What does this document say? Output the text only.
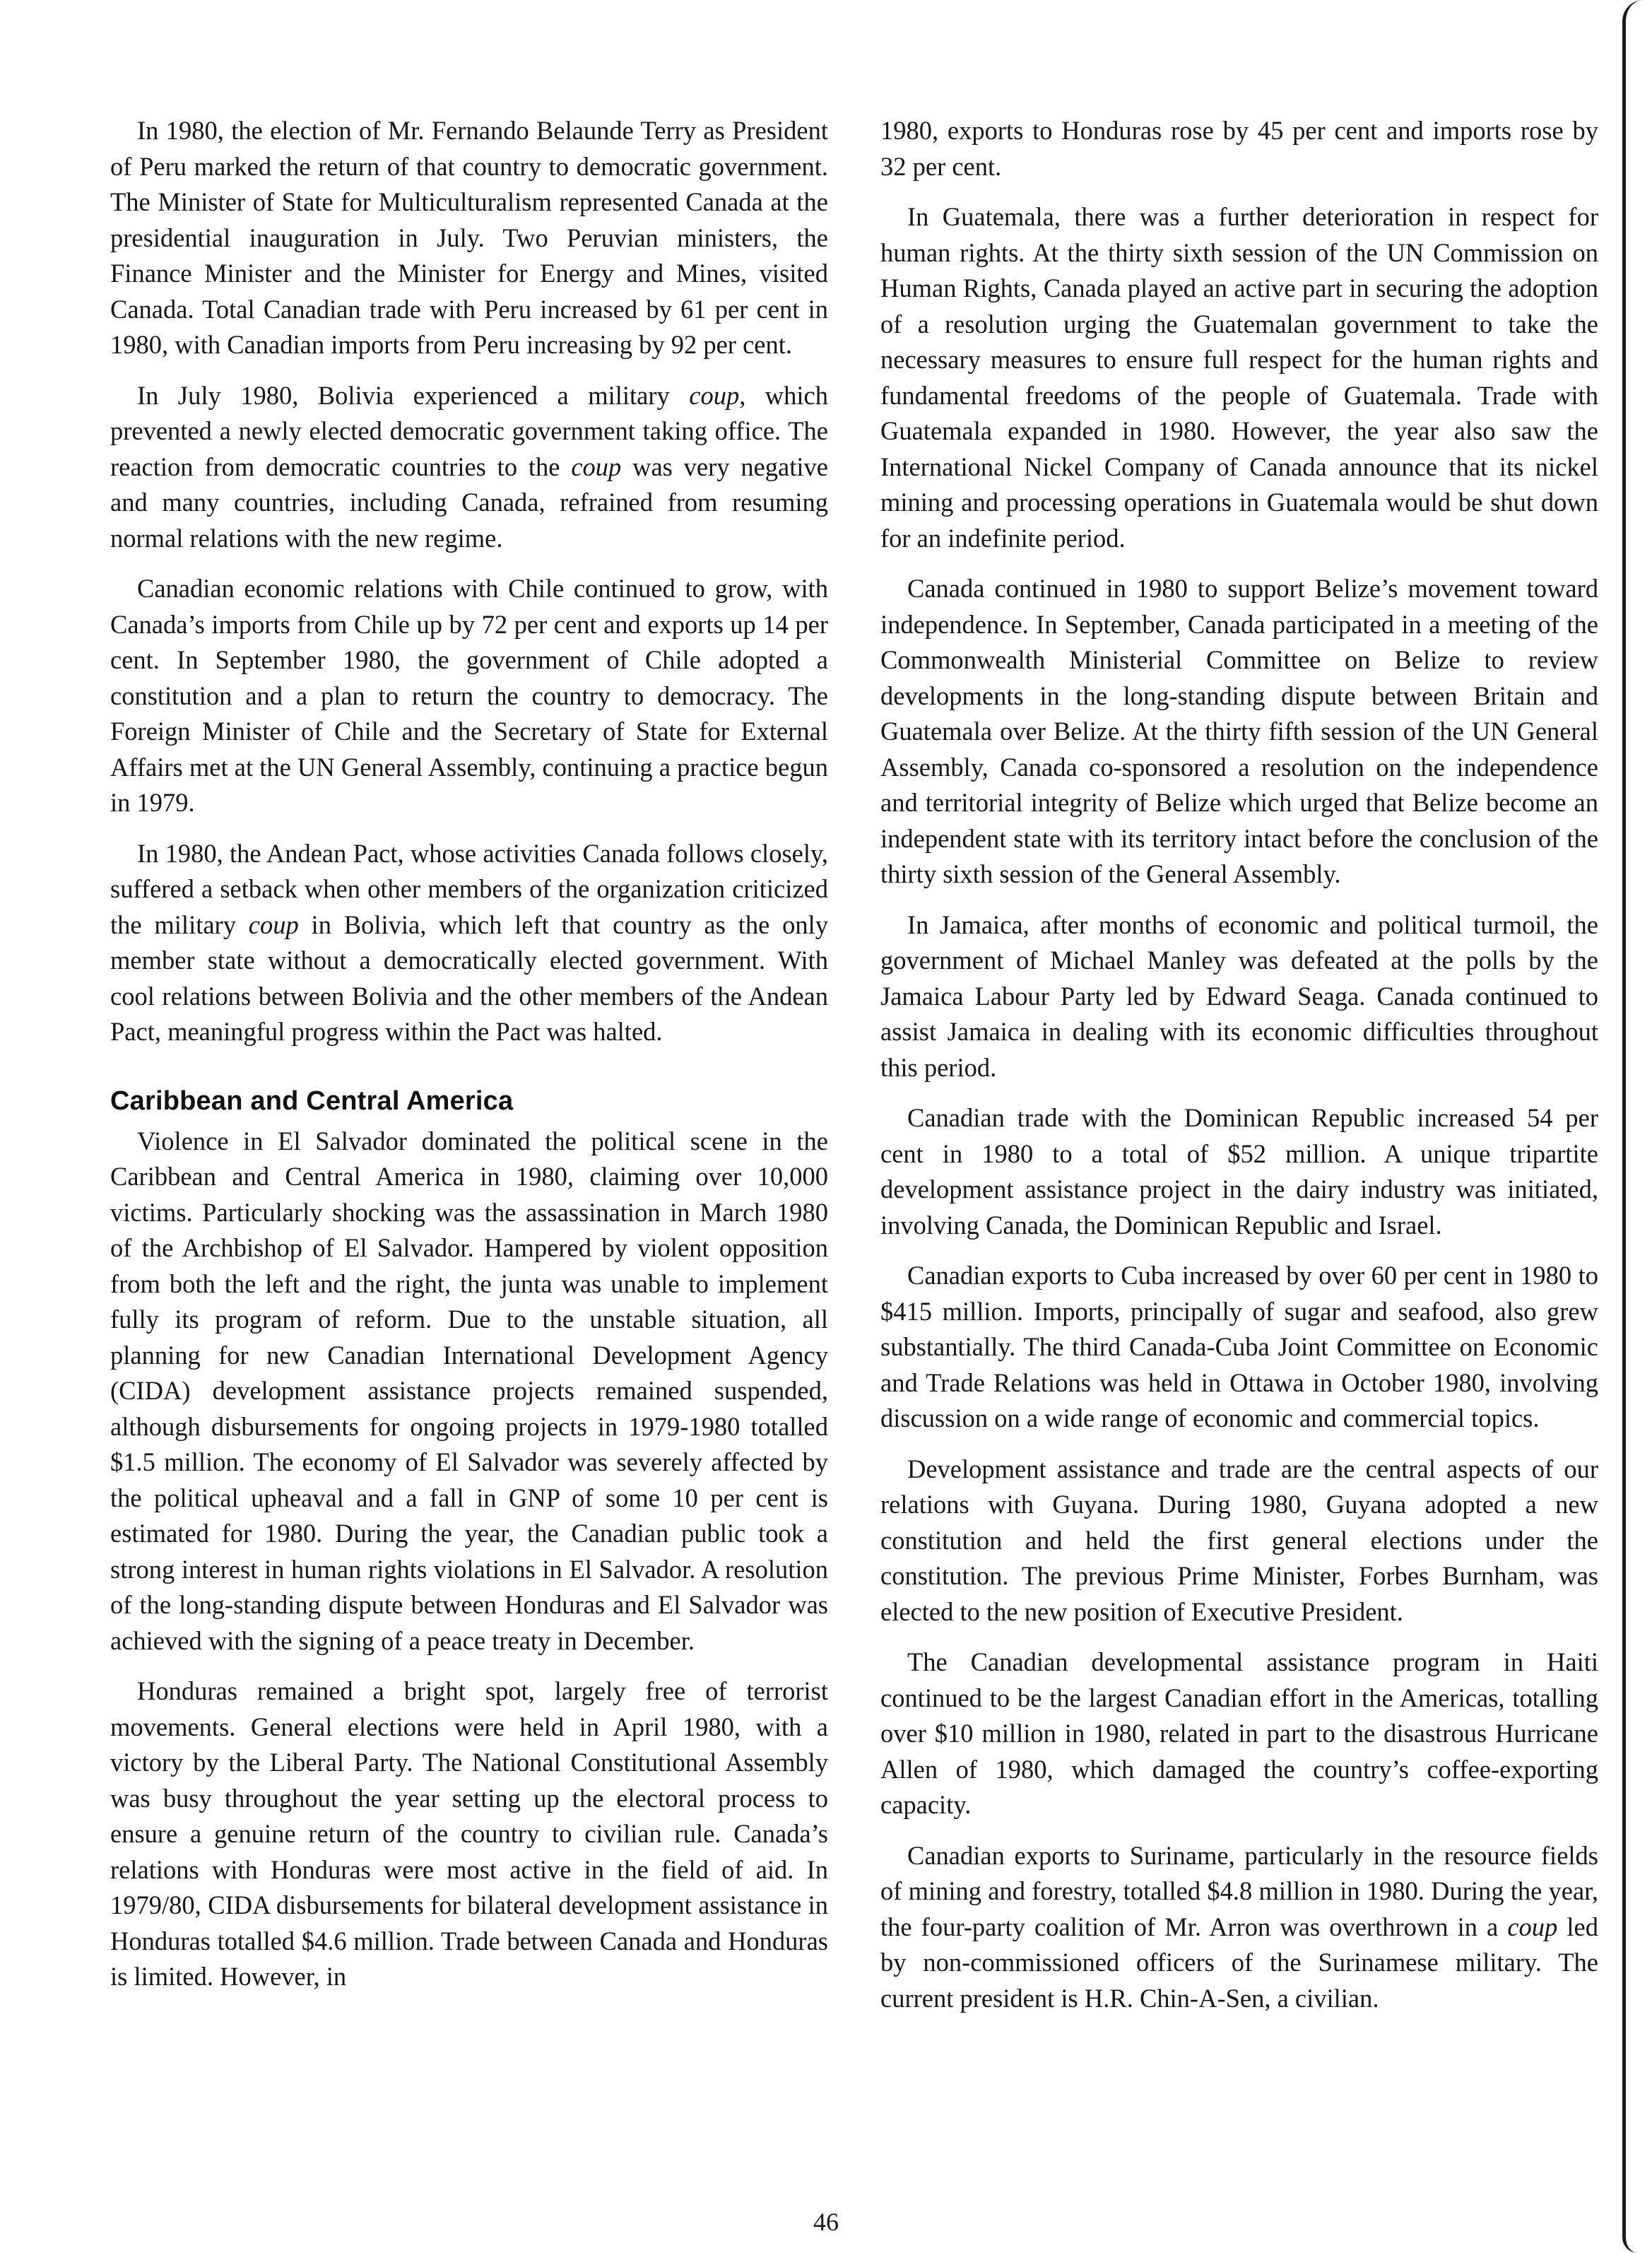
In 1980, the election of Mr. Fernando Belaunde Terry as President of Peru marked the return of that country to democratic government. The Minister of State for Multiculturalism represented Canada at the presidential inauguration in July. Two Peruvian ministers, the Finance Minister and the Minister for Energy and Mines, visited Canada. Total Canadian trade with Peru increased by 61 per cent in 1980, with Canadian imports from Peru increasing by 92 per cent.

In July 1980, Bolivia experienced a military coup, which prevented a newly elected democratic government taking office. The reaction from democratic countries to the coup was very negative and many countries, including Canada, refrained from resuming normal relations with the new regime.

Canadian economic relations with Chile continued to grow, with Canada’s imports from Chile up by 72 per cent and exports up 14 per cent. In September 1980, the government of Chile adopted a constitution and a plan to return the country to democracy. The Foreign Minister of Chile and the Secretary of State for External Affairs met at the UN General Assembly, continuing a practice begun in 1979.

In 1980, the Andean Pact, whose activities Canada follows closely, suffered a setback when other members of the organization criticized the military coup in Bolivia, which left that country as the only member state without a democratically elected government. With cool relations between Bolivia and the other members of the Andean Pact, meaningful progress within the Pact was halted.

Caribbean and Central America

Violence in El Salvador dominated the political scene in the Caribbean and Central America in 1980, claiming over 10,000 victims. Particularly shocking was the assassination in March 1980 of the Archbishop of El Salvador. Hampered by violent opposition from both the left and the right, the junta was unable to implement fully its program of reform. Due to the unstable situation, all planning for new Canadian International Development Agency (CIDA) development assistance projects remained suspended, although disbursements for ongoing projects in 1979-1980 totalled $1.5 million. The economy of El Salvador was severely affected by the political upheaval and a fall in GNP of some 10 per cent is estimated for 1980. During the year, the Canadian public took a strong interest in human rights violations in El Salvador. A resolution of the long-standing dispute between Honduras and El Salvador was achieved with the signing of a peace treaty in December.

Honduras remained a bright spot, largely free of terrorist movements. General elections were held in April 1980, with a victory by the Liberal Party. The National Constitutional Assembly was busy throughout the year setting up the electoral process to ensure a genuine return of the country to civilian rule. Canada’s relations with Honduras were most active in the field of aid. In 1979/80, CIDA disbursements for bilateral development assistance in Honduras totalled $4.6 million. Trade between Canada and Honduras is limited. However, in

1980, exports to Honduras rose by 45 per cent and imports rose by 32 per cent.

In Guatemala, there was a further deterioration in respect for human rights. At the thirty sixth session of the UN Commission on Human Rights, Canada played an active part in securing the adoption of a resolution urging the Guatemalan government to take the necessary measures to ensure full respect for the human rights and fundamental freedoms of the people of Guatemala. Trade with Guatemala expanded in 1980. However, the year also saw the International Nickel Company of Canada announce that its nickel mining and processing operations in Guatemala would be shut down for an indefinite period.

Canada continued in 1980 to support Belize’s movement toward independence. In September, Canada participated in a meeting of the Commonwealth Ministerial Committee on Belize to review developments in the long-standing dispute between Britain and Guatemala over Belize. At the thirty fifth session of the UN General Assembly, Canada co-sponsored a resolution on the independence and territorial integrity of Belize which urged that Belize become an independent state with its territory intact before the conclusion of the thirty sixth session of the General Assembly.

In Jamaica, after months of economic and political turmoil, the government of Michael Manley was defeated at the polls by the Jamaica Labour Party led by Edward Seaga. Canada continued to assist Jamaica in dealing with its economic difficulties throughout this period.

Canadian trade with the Dominican Republic increased 54 per cent in 1980 to a total of $52 million. A unique tripartite development assistance project in the dairy industry was initiated, involving Canada, the Dominican Republic and Israel.

Canadian exports to Cuba increased by over 60 per cent in 1980 to $415 million. Imports, principally of sugar and seafood, also grew substantially. The third Canada-Cuba Joint Committee on Economic and Trade Relations was held in Ottawa in October 1980, involving discussion on a wide range of economic and commercial topics.

Development assistance and trade are the central aspects of our relations with Guyana. During 1980, Guyana adopted a new constitution and held the first general elections under the constitution. The previous Prime Minister, Forbes Burnham, was elected to the new position of Executive President.

The Canadian developmental assistance program in Haiti continued to be the largest Canadian effort in the Americas, totalling over $10 million in 1980, related in part to the disastrous Hurricane Allen of 1980, which damaged the country’s coffee-exporting capacity.

Canadian exports to Suriname, particularly in the resource fields of mining and forestry, totalled $4.8 million in 1980. During the year, the four-party coalition of Mr. Arron was overthrown in a coup led by non-commissioned officers of the Surinamese military. The current president is H.R. Chin-A-Sen, a civilian.

46
